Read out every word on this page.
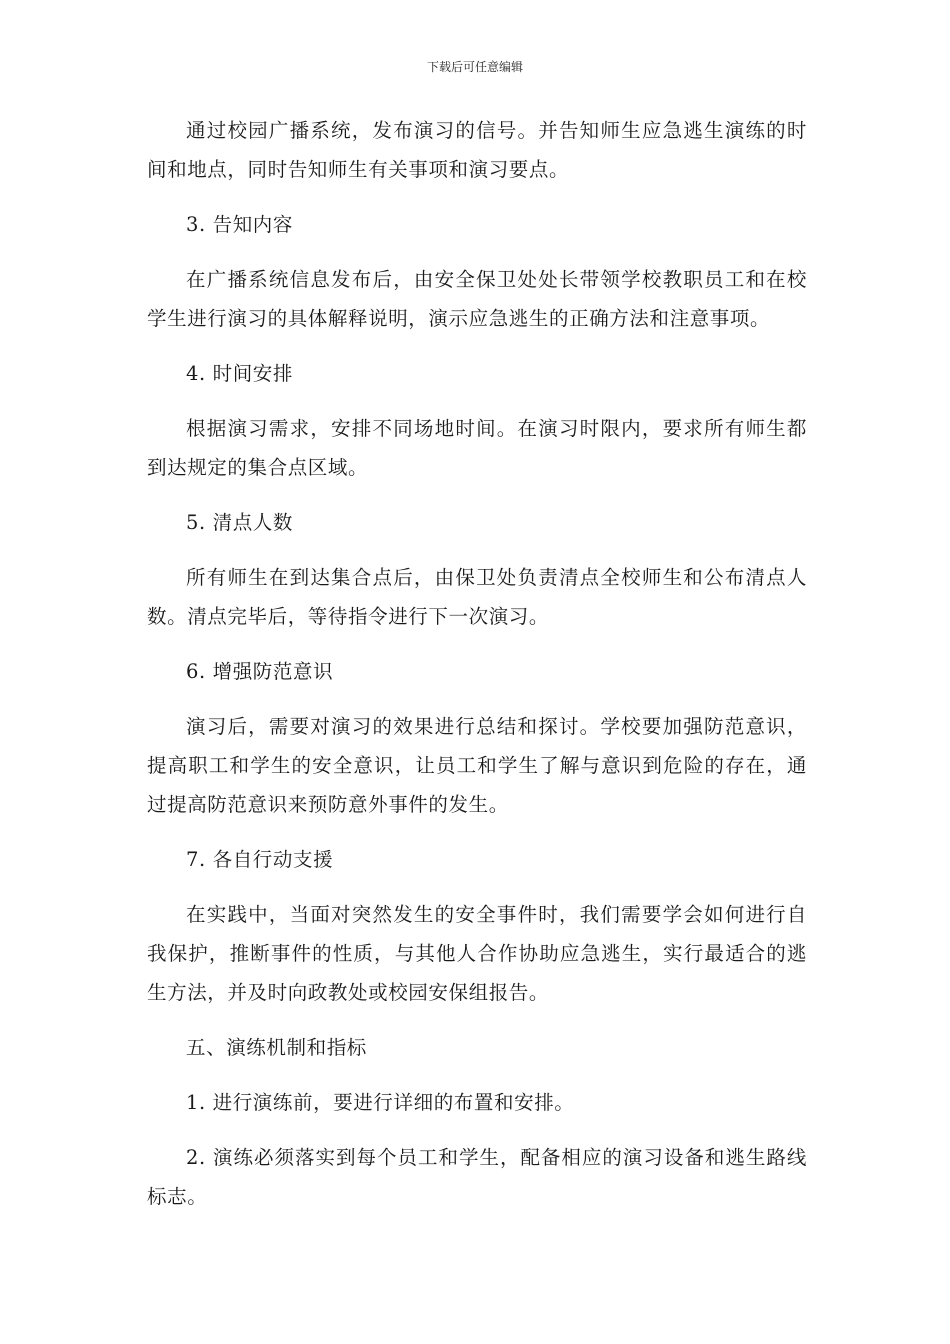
下载后可任意编辑

通过校园广播系统，发布演习的信号。并告知师生应急逃生演练的时间和地点，同时告知师生有关事项和演习要点。

3. 告知内容

在广播系统信息发布后，由安全保卫处处长带领学校教职员工和在校学生进行演习的具体解释说明，演示应急逃生的正确方法和注意事项。

4. 时间安排

根据演习需求，安排不同场地时间。在演习时限内，要求所有师生都到达规定的集合点区域。

5. 清点人数

所有师生在到达集合点后，由保卫处负责清点全校师生和公布清点人数。清点完毕后，等待指令进行下一次演习。

6. 增强防范意识

演习后，需要对演习的效果进行总结和探讨。学校要加强防范意识，提高职工和学生的安全意识，让员工和学生了解与意识到危险的存在，通过提高防范意识来预防意外事件的发生。

7. 各自行动支援

在实践中，当面对突然发生的安全事件时，我们需要学会如何进行自我保护，推断事件的性质，与其他人合作协助应急逃生，实行最适合的逃生方法，并及时向政教处或校园安保组报告。

五、演练机制和指标

1. 进行演练前，要进行详细的布置和安排。

2. 演练必须落实到每个员工和学生，配备相应的演习设备和逃生路线标志。
